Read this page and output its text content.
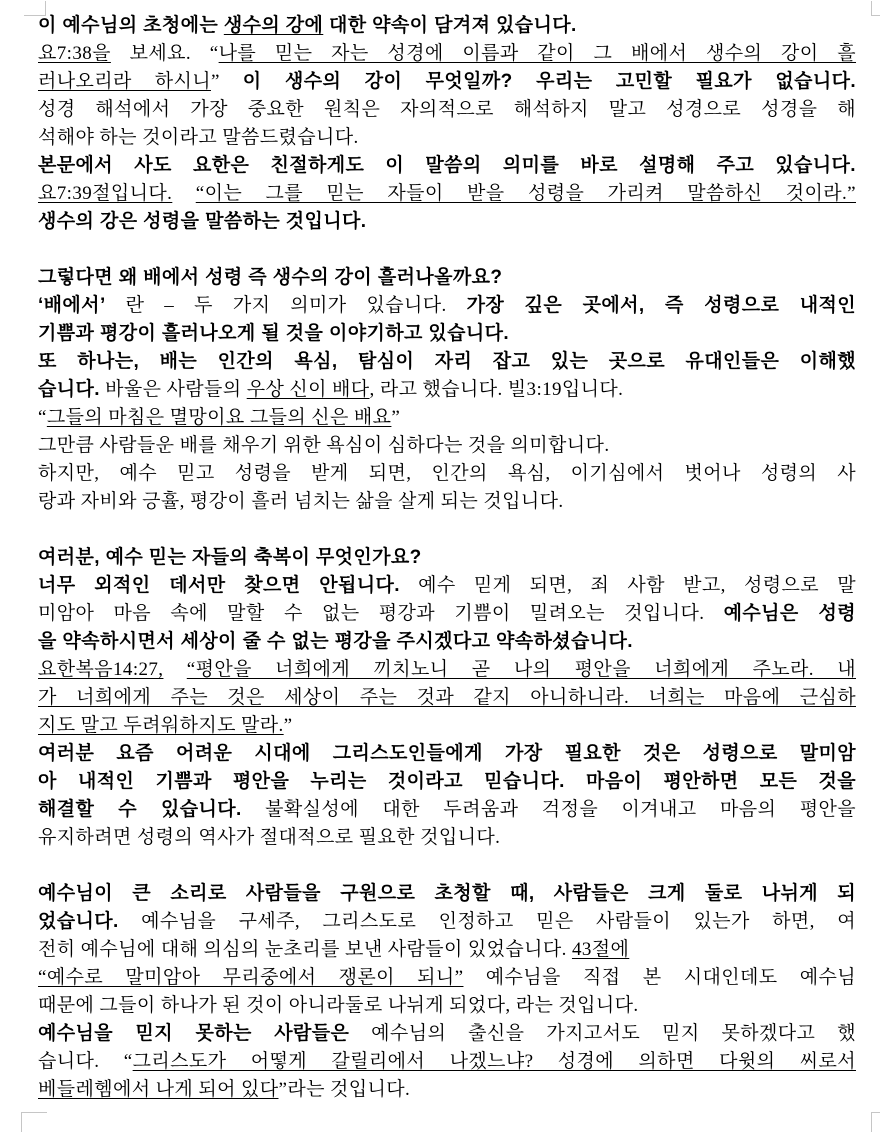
이 예수님의 초청에는 생수의 강에 대한 약속이 담겨져 있습니다.
요7:38을 보세요. “나를 믿는 자는 성경에 이름과 같이 그 배에서 생수의 강이 흘
러나오리라 하시니” 이 생수의 강이 무엇일까? 우리는 고민할 필요가 없습니다.
성경 해석에서 가장 중요한 원칙은 자의적으로 해석하지 말고 성경으로 성경을 해
석해야 하는 것이라고 말씀드렸습니다.
본문에서 사도 요한은 친절하게도 이 말씀의 의미를 바로 설명해 주고 있습니다.
요7:39절입니다. “이는 그를 믿는 자들이 받을 성령을 가리켜 말씀하신 것이라.”
생수의 강은 성령을 말씀하는 것입니다.
그렇다면 왜 배에서 성령 즉 생수의 강이 흘러나올까요?
‘배에서’ 란 – 두 가지 의미가 있습니다. 가장 깊은 곳에서, 즉 성령으로 내적인
기쁨과 평강이 흘러나오게 될 것을 이야기하고 있습니다.
또 하나는, 배는 인간의 욕심, 탐심이 자리 잡고 있는 곳으로 유대인들은 이해했
습니다. 바울은 사람들의 우상 신이 배다, 라고 했습니다. 빌3:19입니다.
“그들의 마침은 멸망이요 그들의 신은 배요”
그만큼 사람들운 배를 채우기 위한 욕심이 심하다는 것을 의미합니다.
하지만, 예수 믿고 성령을 받게 되면, 인간의 욕심, 이기심에서 벗어나 성령의 사
랑과 자비와 긍휼, 평강이 흘러 넘치는 삶을 살게 되는 것입니다.
여러분, 예수 믿는 자들의 축복이 무엇인가요?
너무 외적인 데서만 찾으면 안됩니다. 예수 믿게 되면, 죄 사함 받고, 성령으로 말
미암아 마음 속에 말할 수 없는 평강과 기쁨이 밀려오는 것입니다. 예수님은 성령
을 약속하시면서 세상이 줄 수 없는 평강을 주시겠다고 약속하셨습니다.
요한복음14:27, “평안을 너희에게 끼치노니 곧 나의 평안을 너희에게 주노라. 내
가 너희에게 주는 것은 세상이 주는 것과 같지 아니하니라. 너희는 마음에 근심하
지도 말고 두려워하지도 말라.”
여러분 요즘 어려운 시대에 그리스도인들에게 가장 필요한 것은 성령으로 말미암
아 내적인 기쁨과 평안을 누리는 것이라고 믿습니다. 마음이 평안하면 모든 것을
해결할 수 있습니다. 불확실성에 대한 두려움과 걱정을 이겨내고 마음의 평안을
유지하려면 성령의 역사가 절대적으로 필요한 것입니다.
예수님이 큰 소리로 사람들을 구원으로 초청할 때, 사람들은 크게 둘로 나뉘게 되
었습니다. 예수님을 구세주, 그리스도로 인정하고 믿은 사람들이 있는가 하면, 여
전히 예수님에 대해 의심의 눈초리를 보낸 사람들이 있었습니다. 43절에
“예수로 말미암아 무리중에서 쟁론이 되니” 예수님을 직접 본 시대인데도 예수님
때문에 그들이 하나가 된 것이 아니라둘로 나뉘게 되었다, 라는 것입니다.
예수님을 믿지 못하는 사람들은 예수님의 출신을 가지고서도 믿지 못하겠다고 했
습니다. “그리스도가 어떻게 갈릴리에서 나겠느냐? 성경에 의하면 다윗의 씨로서
베들레헴에서 나게 되어 있다”라는 것입니다.
